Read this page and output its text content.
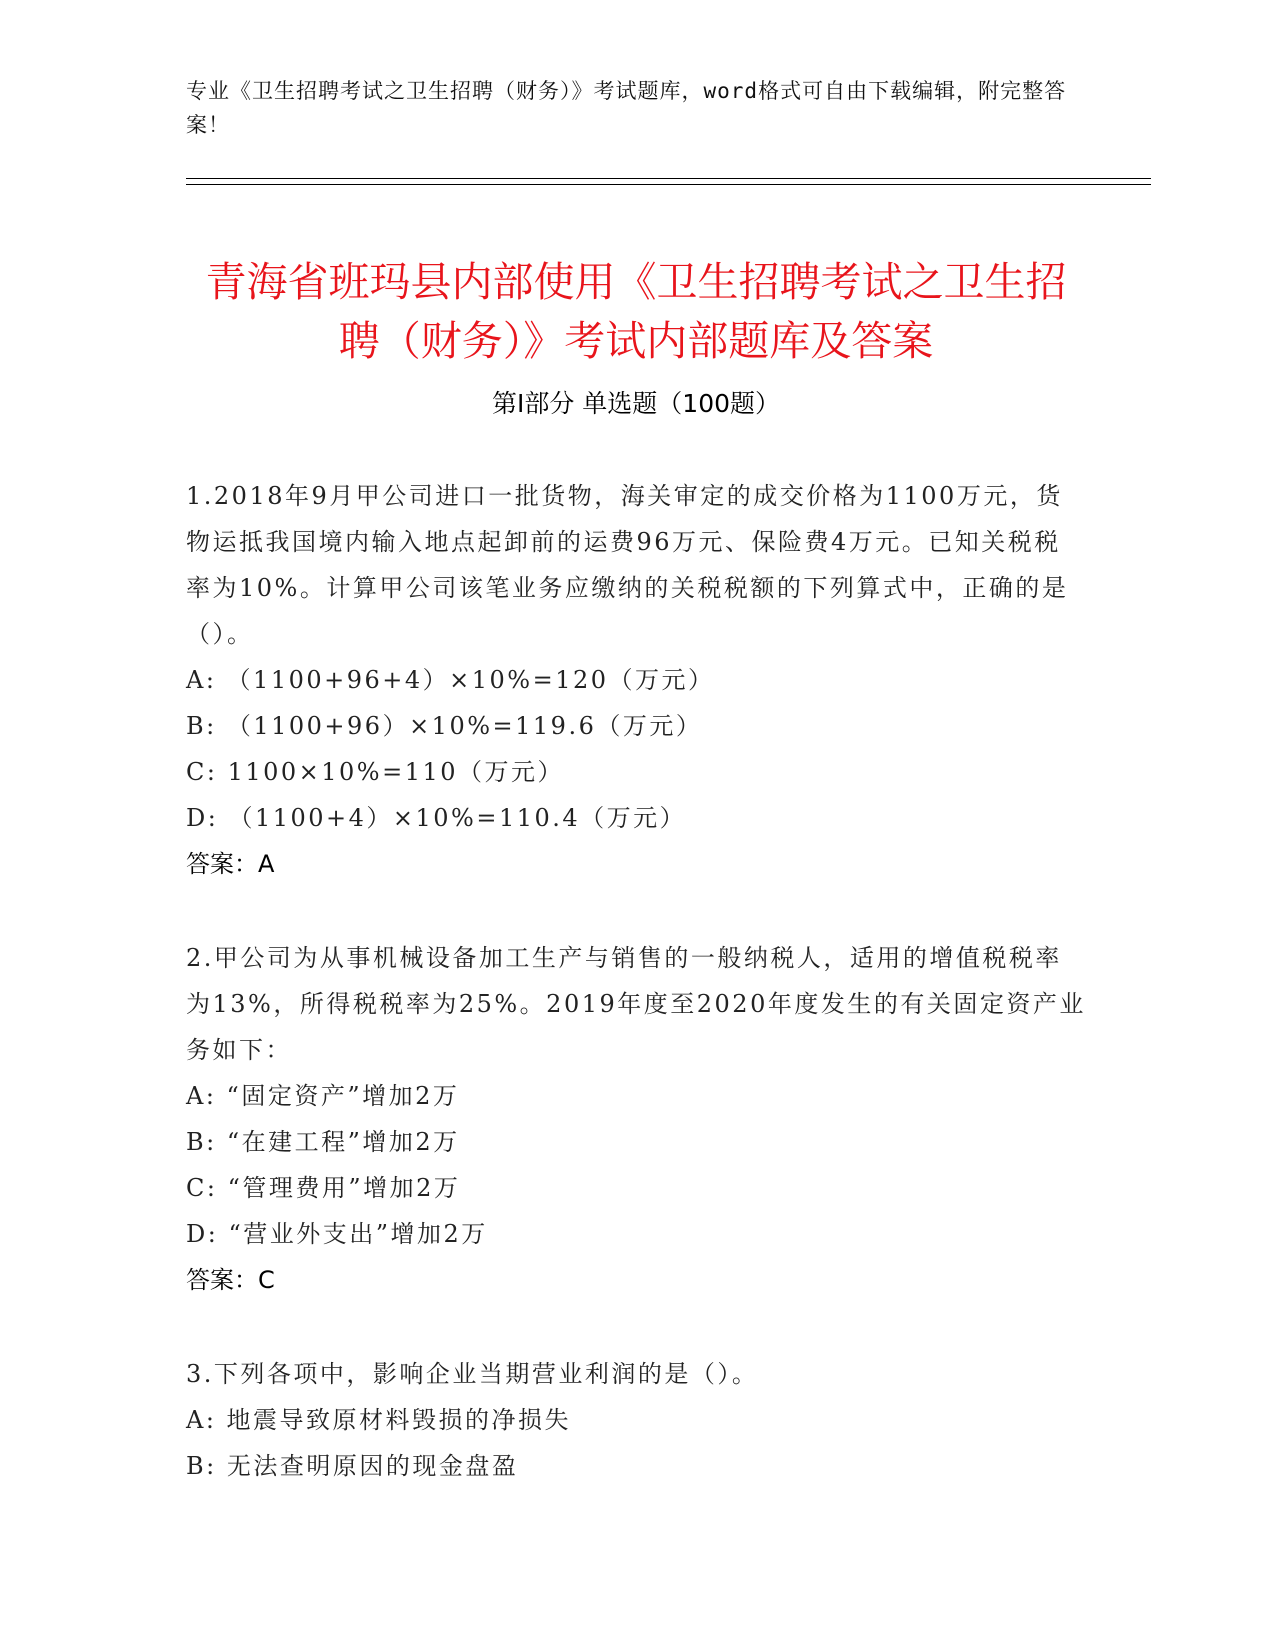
专业《卫生招聘考试之卫生招聘（财务）》考试题库，word格式可自由下载编辑，附完整答案！
青海省班玛县内部使用《卫生招聘考试之卫生招聘（财务）》考试内部题库及答案
第I部分 单选题（100题）
1.2018年9月甲公司进口一批货物，海关审定的成交价格为1100万元，货物运抵我国境内输入地点起卸前的运费96万元、保险费4万元。已知关税税率为10%。计算甲公司该笔业务应缴纳的关税税额的下列算式中，正确的是（）。
A: （1100+96+4）×10%=120（万元）
B: （1100+96）×10%=119.6（万元）
C: 1100×10%=110（万元）
D: （1100+4）×10%=110.4（万元）
答案：A
2.甲公司为从事机械设备加工生产与销售的一般纳税人，适用的增值税税率为13%，所得税税率为25%。2019年度至2020年度发生的有关固定资产业务如下：
A: “固定资产”增加2万
B: “在建工程”增加2万
C: “管理费用”增加2万
D: “营业外支出”增加2万
答案：C
3.下列各项中，影响企业当期营业利润的是（）。
A: 地震导致原材料毁损的净损失
B: 无法查明原因的现金盘盈
